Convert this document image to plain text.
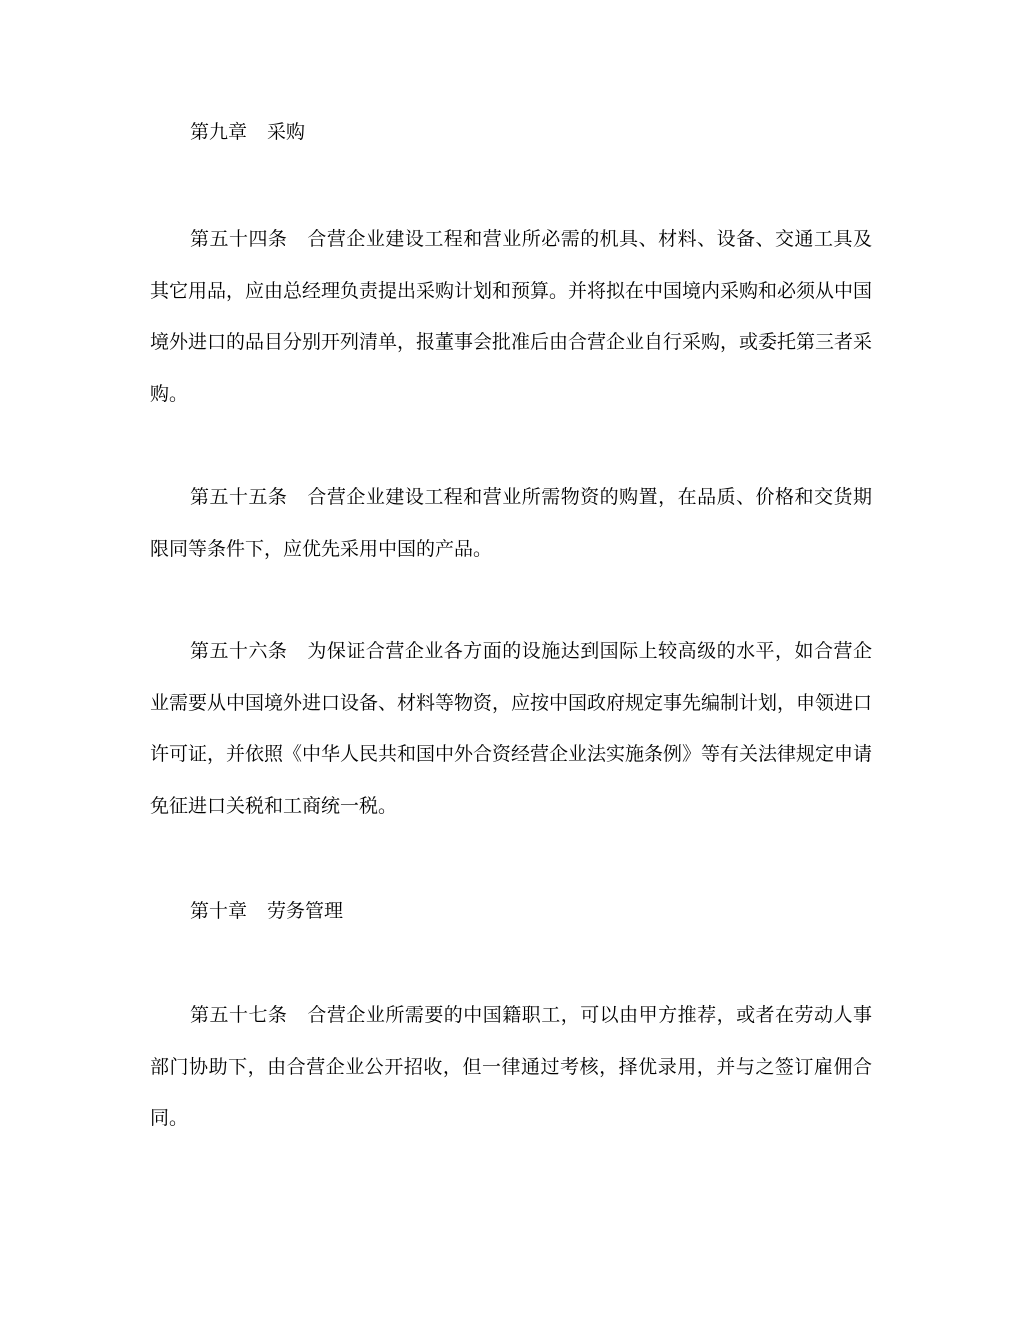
第九章 采购
第五十四条 合营企业建设工程和营业所必需的机具、材料、设备、交通工具及其它用品，应由总经理负责提出采购计划和预算。并将拟在中国境内采购和必须从中国境外进口的品目分别开列清单，报董事会批准后由合营企业自行采购，或委托第三者采购。
第五十五条 合营企业建设工程和营业所需物资的购置，在品质、价格和交货期限同等条件下，应优先采用中国的产品。
第五十六条 为保证合营企业各方面的设施达到国际上较高级的水平，如合营企业需要从中国境外进口设备、材料等物资，应按中国政府规定事先编制计划，申领进口许可证，并依照《中华人民共和国中外合资经营企业法实施条例》等有关法律规定申请免征进口关税和工商统一税。
第十章 劳务管理
第五十七条 合营企业所需要的中国籍职工，可以由甲方推荐，或者在劳动人事部门协助下，由合营企业公开招收，但一律通过考核，择优录用，并与之签订雇佣合同。
